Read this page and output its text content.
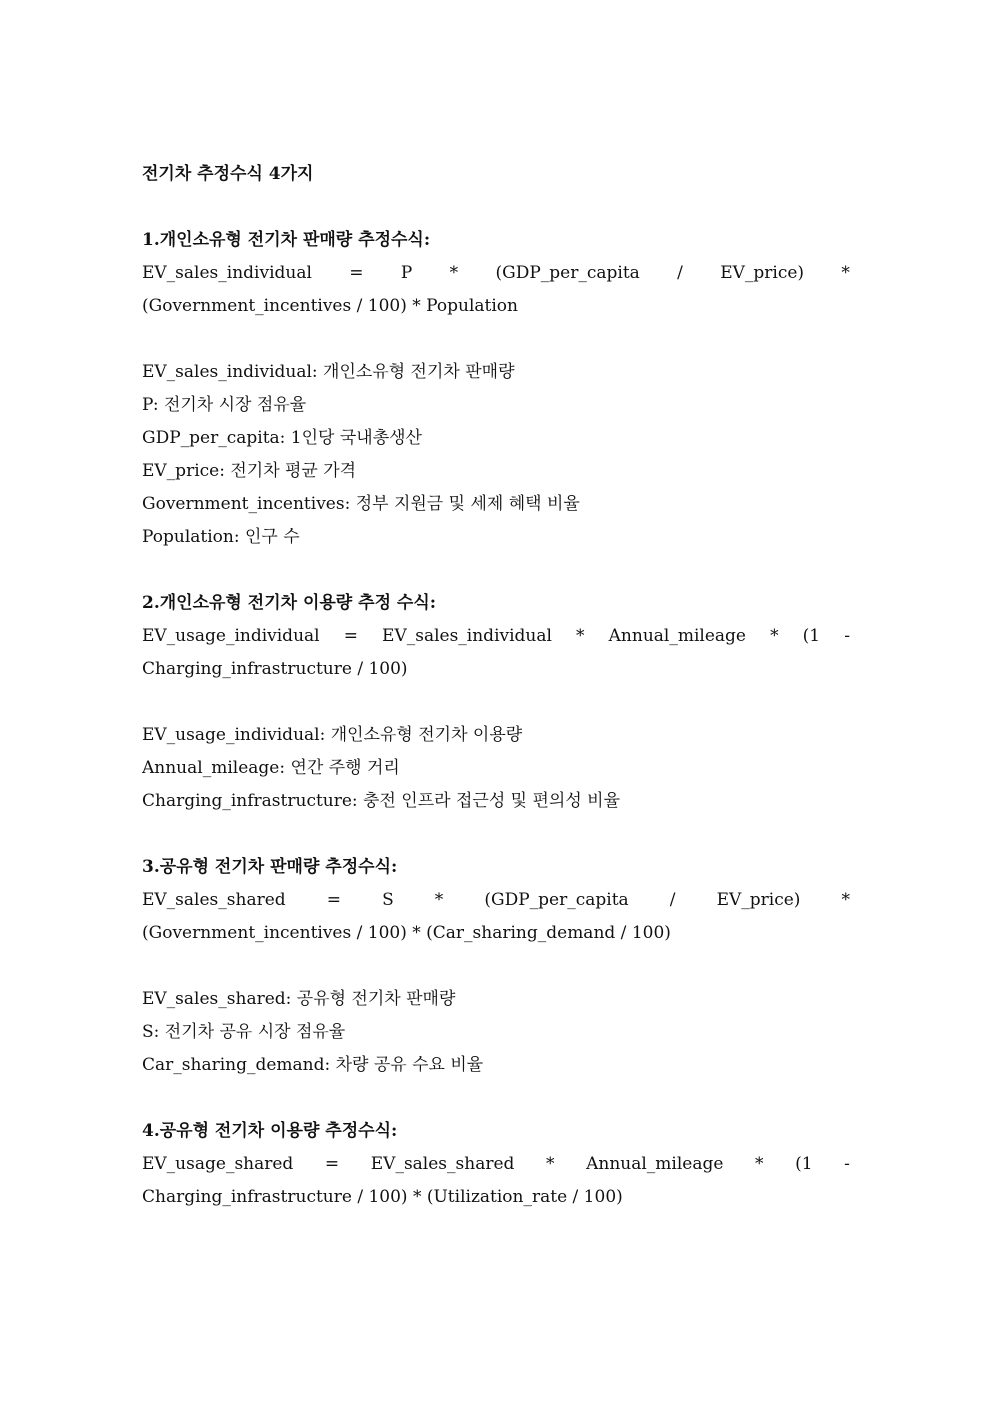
전기차 추정수식 4가지
1.개인소유형 전기차 판매량 추정수식:
EV_sales_individual = P * (GDP_per_capita / EV_price) *
(Government_incentives / 100) * Population
EV_sales_individual: 개인소유형 전기차 판매량
P: 전기차 시장 점유율
GDP_per_capita: 1인당 국내총생산
EV_price: 전기차 평균 가격
Government_incentives: 정부 지원금 및 세제 혜택 비율
Population: 인구 수
2.개인소유형 전기차 이용량 추정 수식:
EV_usage_individual = EV_sales_individual * Annual_mileage * (1 -
Charging_infrastructure / 100)
EV_usage_individual: 개인소유형 전기차 이용량
Annual_mileage: 연간 주행 거리
Charging_infrastructure: 충전 인프라 접근성 및 편의성 비율
3.공유형 전기차 판매량 추정수식:
EV_sales_shared = S * (GDP_per_capita / EV_price) *
(Government_incentives / 100) * (Car_sharing_demand / 100)
EV_sales_shared: 공유형 전기차 판매량
S: 전기차 공유 시장 점유율
Car_sharing_demand: 차량 공유 수요 비율
4.공유형 전기차 이용량 추정수식:
EV_usage_shared = EV_sales_shared * Annual_mileage * (1 -
Charging_infrastructure / 100) * (Utilization_rate / 100)
